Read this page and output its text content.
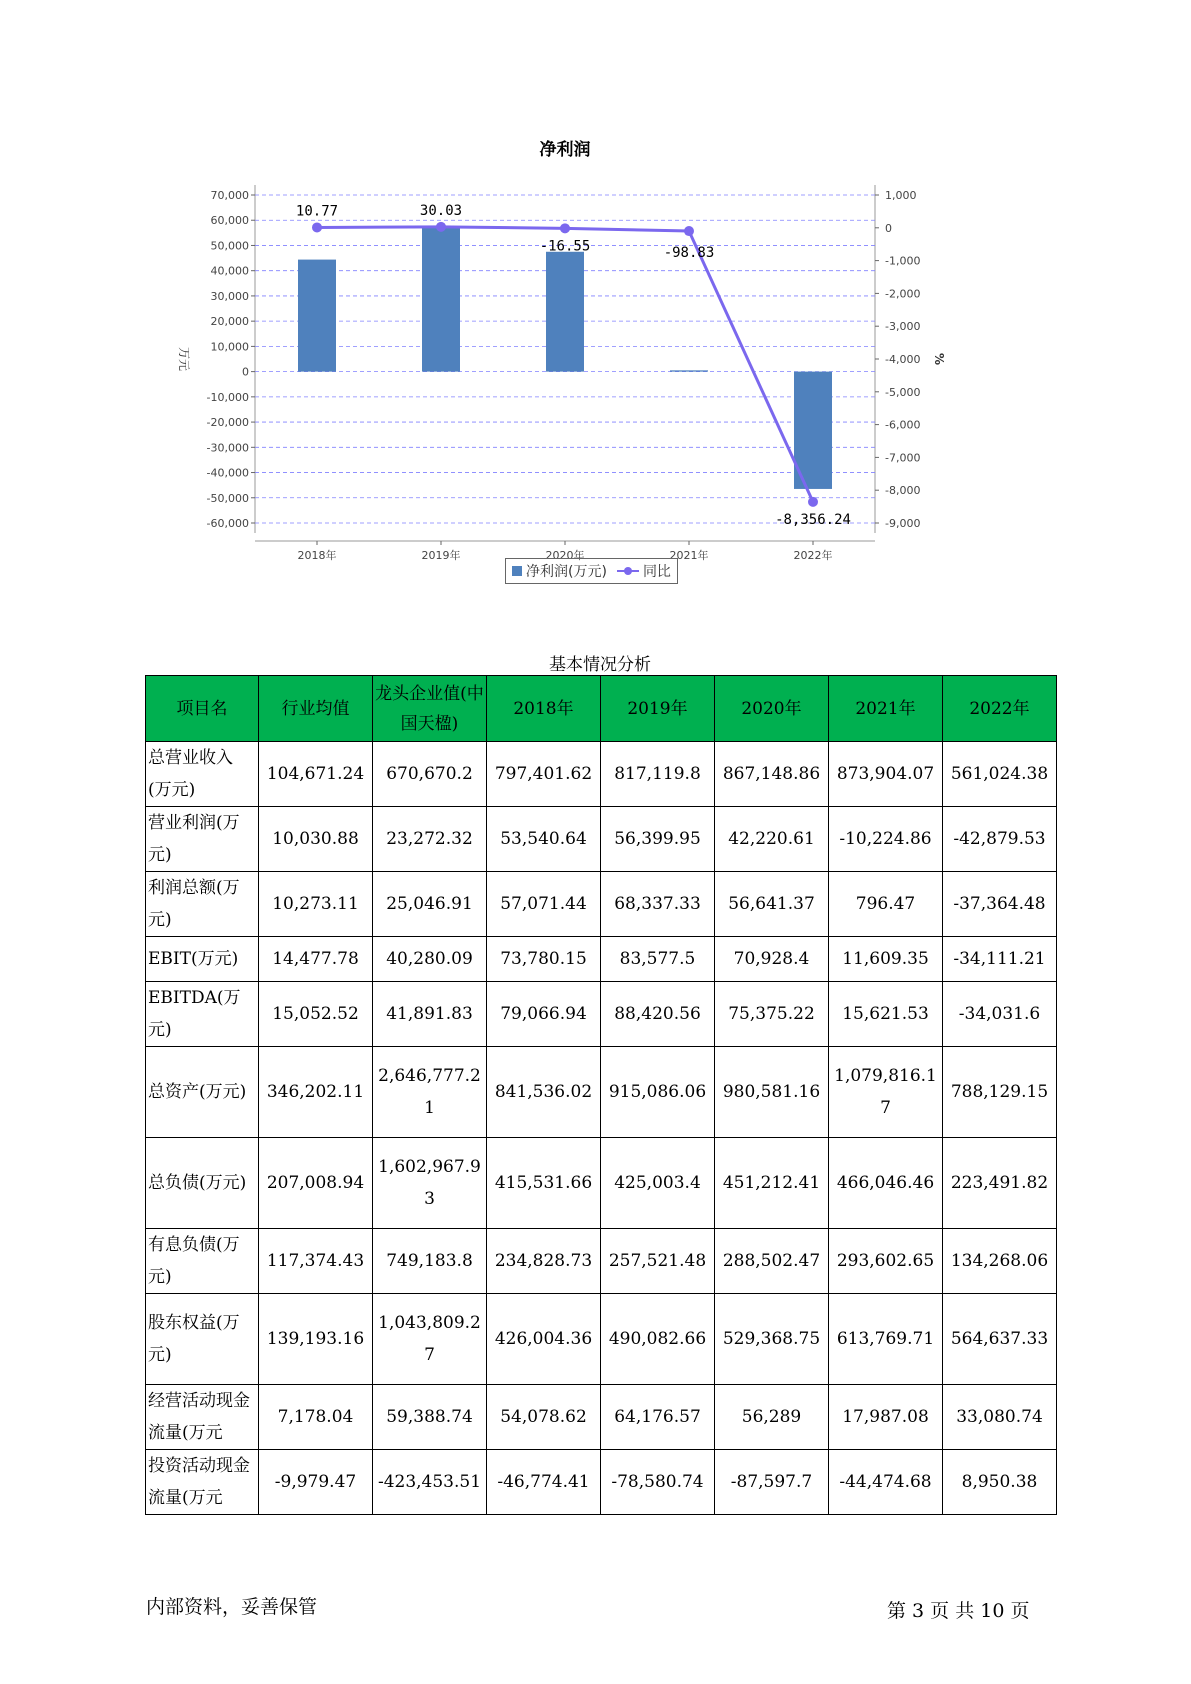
净利润
-60,000
-50,000
-40,000
-30,000
-20,000
-10,000
0
10,000
20,000
30,000
40,000
50,000
60,000
70,000
-9,000
-8,000
-7,000
-6,000
-5,000
-4,000
-3,000
-2,000
-1,000
0
1,000
万元	%
2018年	2019年	2020年	2021年	2022年
10.77	30.03
-16.55	-98.83
-8,356.24
净利润(万元)	同比
基本情况分析
项目名	行业均值	龙头企业值(中国天楹)	2018年	2019年	2020年	2021年	2022年
总营业收入(万元)	104,671.24	670,670.2	797,401.62	817,119.8	867,148.86	873,904.07	561,024.38
营业利润(万元)	10,030.88	23,272.32	53,540.64	56,399.95	42,220.61	-10,224.86	-42,879.53
利润总额(万元)	10,273.11	25,046.91	57,071.44	68,337.33	56,641.37	796.47	-37,364.48
EBIT(万元)	14,477.78	40,280.09	73,780.15	83,577.5	70,928.4	11,609.35	-34,111.21
EBITDA(万元)	15,052.52	41,891.83	79,066.94	88,420.56	75,375.22	15,621.53	-34,031.6
总资产(万元)	346,202.11	2,646,777.21	841,536.02	915,086.06	980,581.16	1,079,816.17	788,129.15
总负债(万元)	207,008.94	1,602,967.93	415,531.66	425,003.4	451,212.41	466,046.46	223,491.82
有息负债(万元)	117,374.43	749,183.8	234,828.73	257,521.48	288,502.47	293,602.65	134,268.06
股东权益(万元)	139,193.16	1,043,809.27	426,004.36	490,082.66	529,368.75	613,769.71	564,637.33
经营活动现金流量(万元	7,178.04	59,388.74	54,078.62	64,176.57	56,289	17,987.08	33,080.74
投资活动现金流量(万元	-9,979.47	-423,453.51	-46,774.41	-78,580.74	-87,597.7	-44,474.68	8,950.38
内部资料，妥善保管	第 3 页 共 10 页
